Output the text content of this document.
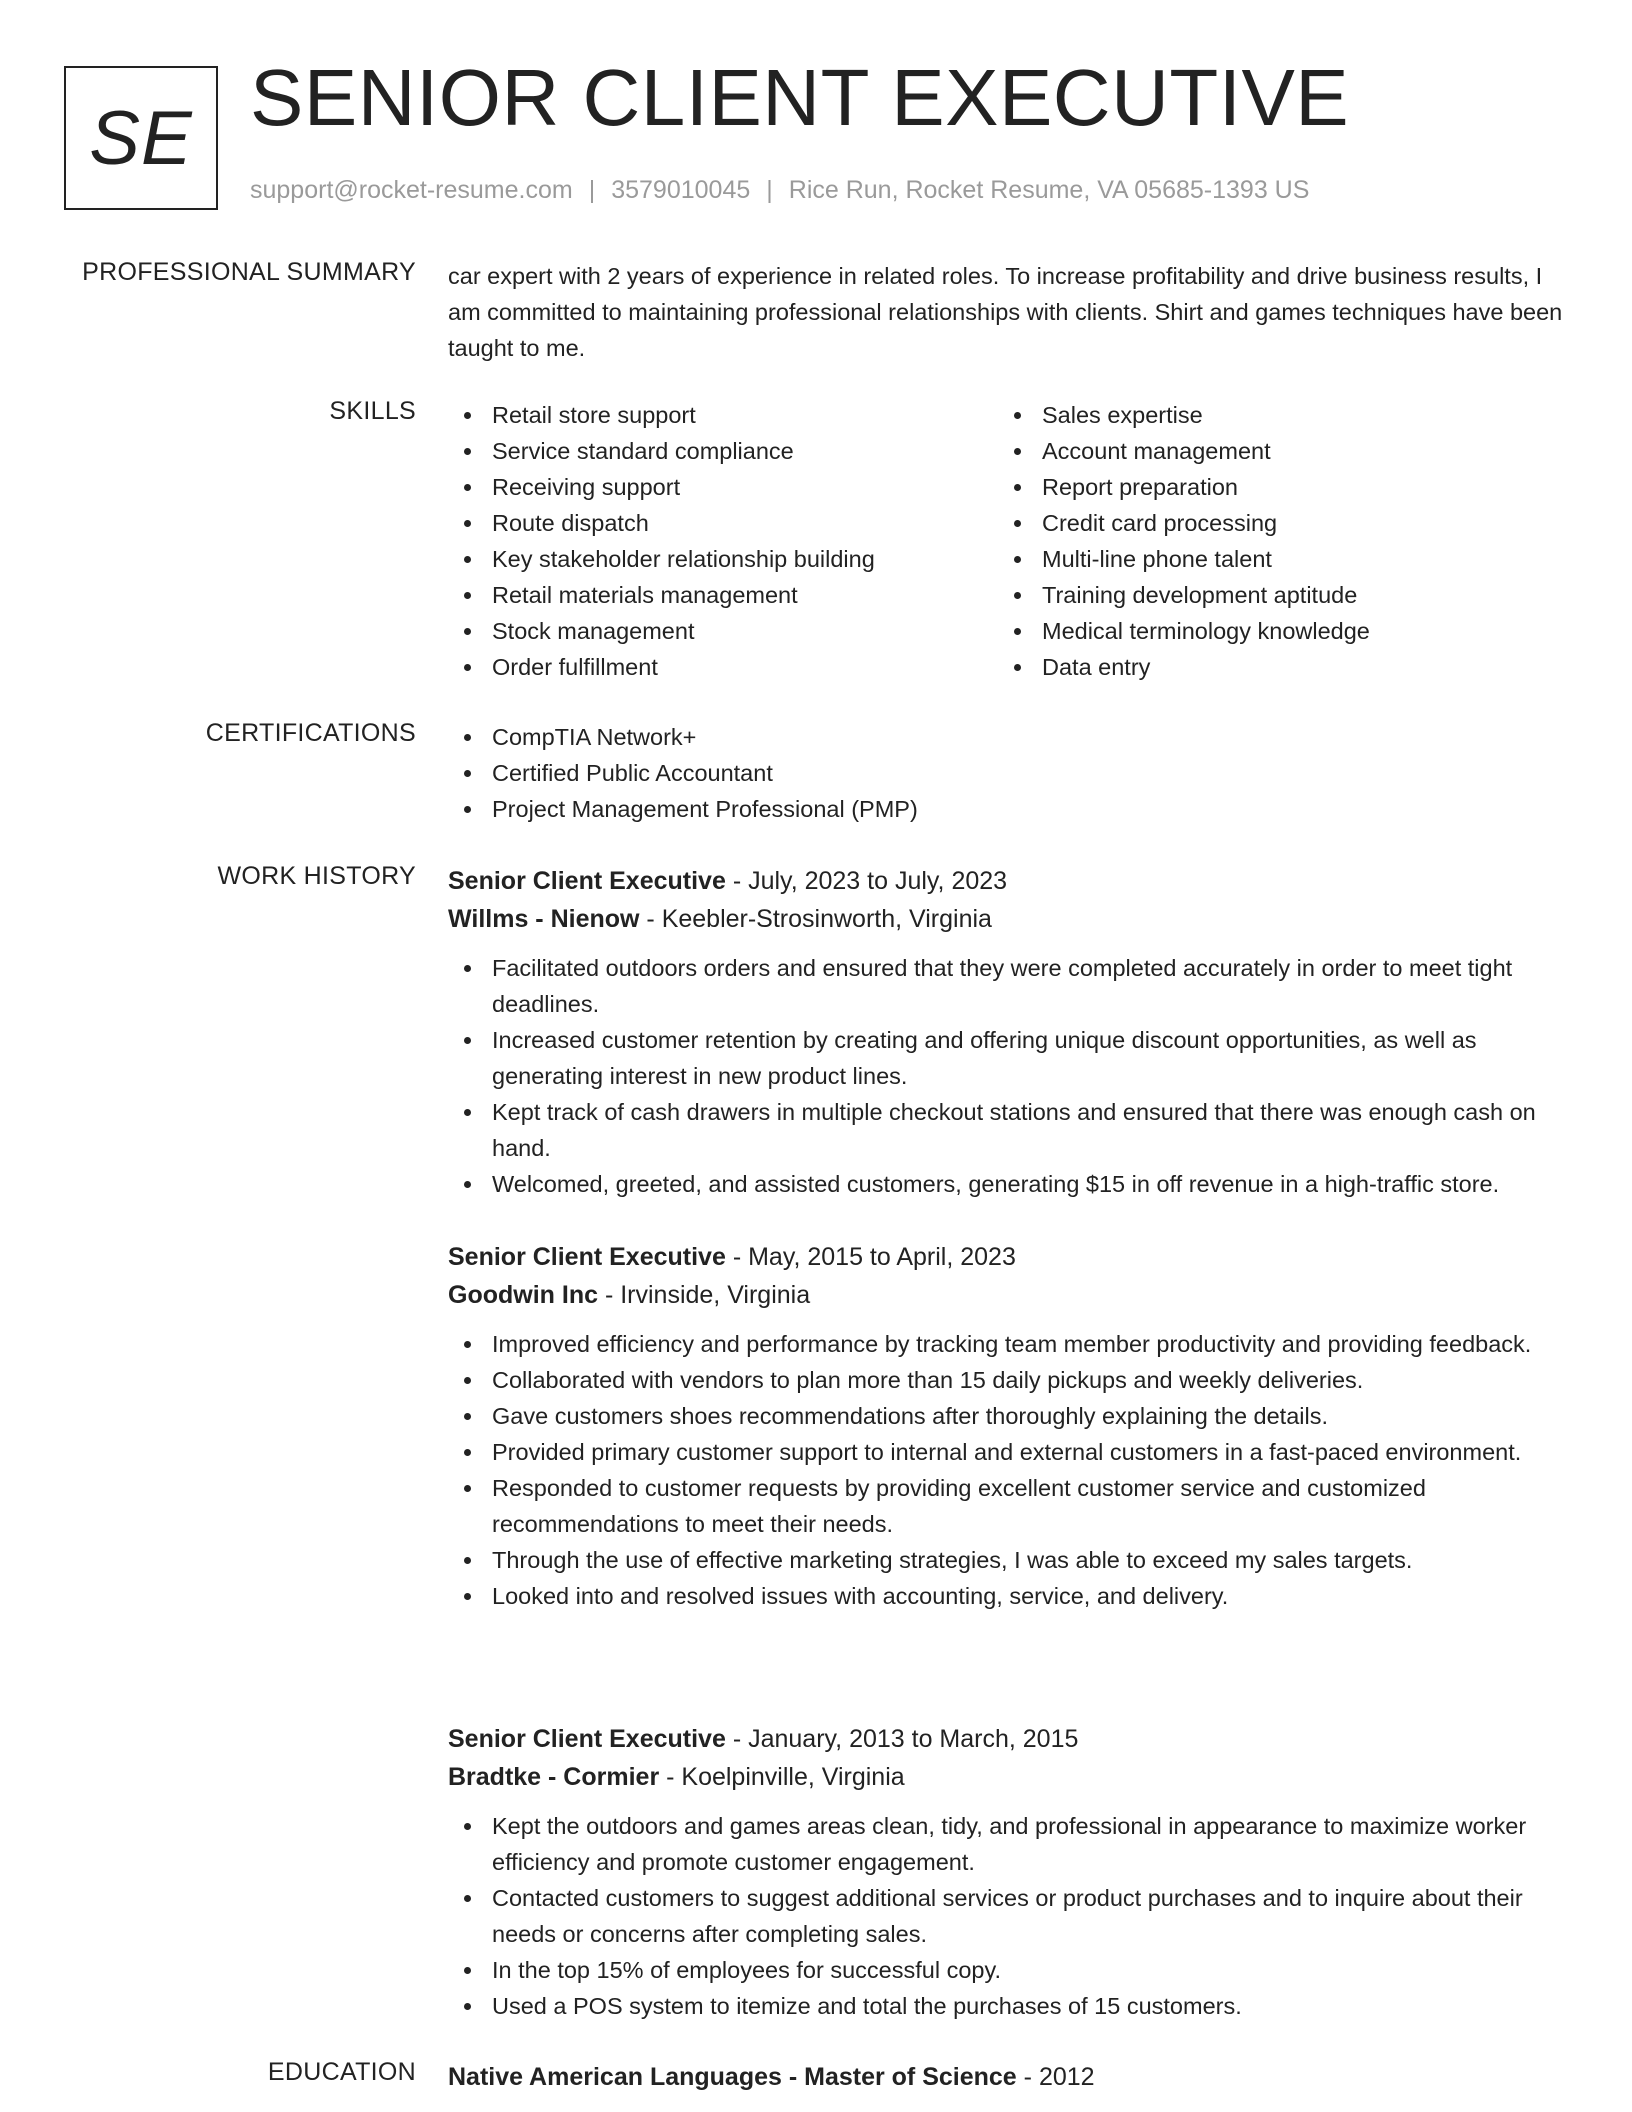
SE SENIOR CLIENT EXECUTIVE
support@rocket-resume.com | 3579010045 | Rice Run, Rocket Resume, VA 05685-1393 US
PROFESSIONAL SUMMARY car expert with 2 years of experience in related roles. To increase profitability and drive business results, I am committed to maintaining professional relationships with clients. Shirt and games techniques have been taught to me.
SKILLS	Retail store support
Service standard compliance
Receiving support
Route dispatch
Key stakeholder relationship building
Retail materials management
Stock management
Order fulfillment
Sales expertise
Account management
Report preparation
Credit card processing
Multi-line phone talent
Training development aptitude
Medical terminology knowledge
Data entry
CERTIFICATIONS	CompTIA Network+
Certified Public Accountant
Project Management Professional (PMP)
WORK HISTORY Senior Client Executive - July, 2023 to July, 2023
Willms - Nienow - Keebler-Strosinworth, Virginia
Facilitated outdoors orders and ensured that they were completed accurately in order to meet tight deadlines.
Increased customer retention by creating and offering unique discount opportunities, as well as generating interest in new product lines.
Kept track of cash drawers in multiple checkout stations and ensured that there was enough cash on hand.
Welcomed, greeted, and assisted customers, generating $15 in off revenue in a high-traffic store.
Senior Client Executive - May, 2015 to April, 2023
Goodwin Inc - Irvinside, Virginia
Improved efficiency and performance by tracking team member productivity and providing feedback.
Collaborated with vendors to plan more than 15 daily pickups and weekly deliveries.
Gave customers shoes recommendations after thoroughly explaining the details.
Provided primary customer support to internal and external customers in a fast-paced environment.
Responded to customer requests by providing excellent customer service and customized recommendations to meet their needs.
Through the use of effective marketing strategies, I was able to exceed my sales targets.
Looked into and resolved issues with accounting, service, and delivery.
Senior Client Executive - January, 2013 to March, 2015
Bradtke - Cormier - Koelpinville, Virginia
Kept the outdoors and games areas clean, tidy, and professional in appearance to maximize worker efficiency and promote customer engagement.
Contacted customers to suggest additional services or product purchases and to inquire about their needs or concerns after completing sales.
In the top 15% of employees for successful copy.
Used a POS system to itemize and total the purchases of 15 customers.
EDUCATION Native American Languages - Master of Science - 2012
